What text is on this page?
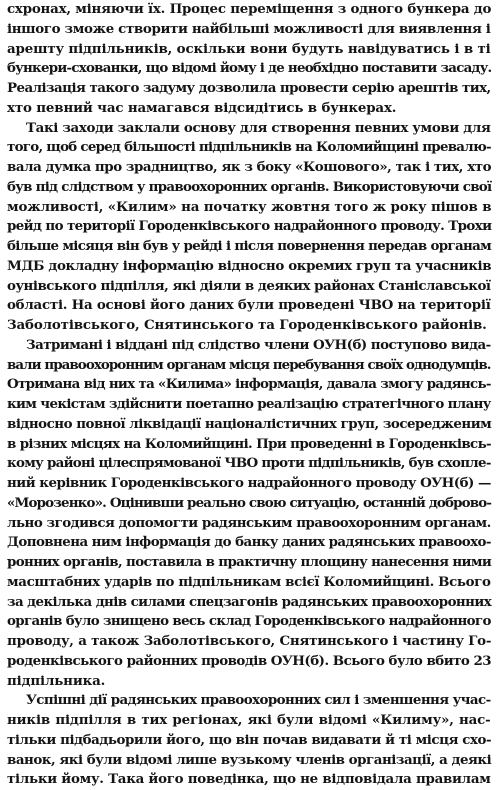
схронах, міняючи їх. Процес переміщення з одного бункера до
іншого зможе створити найбільші можливості для виявлення і
арешту підпільників, оскільки вони будуть навідуватись і в ті
бункери-схованки, що відомі йому і де необхідно поставити засаду.
Реалізація такого задуму дозволила провести серію арештів тих,
хто певний час намагався відсидітись в бункерах.
Такі заходи заклали основу для створення певних умови для
того, щоб серед більшості підпільників на Коломийщині превалю-
вала думка про зрадництво, як з боку «Кошового», так і тих, хто
був під слідством у правоохоронних органів. Використовуючи свої
можливості, «Килим» на початку жовтня того ж року пішов в
рейд по території Городенківського надрайонного проводу. Трохи
більше місяця він був у рейді і після повернення передав органам
МДБ докладну інформацію відносно окремих груп та учасників
оунівського підпілля, які діяли в деяких районах Станіславської
області. На основі його даних були проведені ЧВО на території
Заболотівського, Снятинського та Городенківського районів.
Затримані і віддані під слідство члени ОУН(б) поступово вида-
вали правоохоронним органам місця перебування своїх однодумців.
Отримана від них та «Килима» інформація, давала змогу радянсь-
ким чекістам здійснити поетапно реалізацію стратегічного плану
відносно повної ліквідації націоналістичних груп, зосередженим
в різних місцях на Коломийщині. При проведенні в Городенківсь-
кому районі цілеспрямованої ЧВО проти підпільників, був схопле-
ний керівник Городенківського надрайонного проводу ОУН(б) —
«Морозенко». Оцінивши реально свою ситуацію, останній доброво-
льно згодився допомогти радянським правоохоронним органам.
Доповнена ним інформація до банку даних радянських правоохо-
ронних органів, поставила в практичну площину нанесення ними
масштабних ударів по підпільникам всієї Коломийщині. Всього
за декілька днів силами спецзагонів радянських правоохоронних
органів було знищено весь склад Городенківського надрайонного
проводу, а також Заболотівського, Снятинського і частину Го-
роденківського районних проводів ОУН(б). Всього було вбито 23
підпільника.
Успішні дії радянських правоохоронних сил і зменшення учас-
ників підпілля в тих регіонах, які були відомі «Килиму», нас-
тільки підбадьорили його, що він почав видавати й ті місця схо-
ванок, які були відомі лише вузькому членів організації, а деякі
тільки йому. Така його поведінка, що не відповідала правилам
